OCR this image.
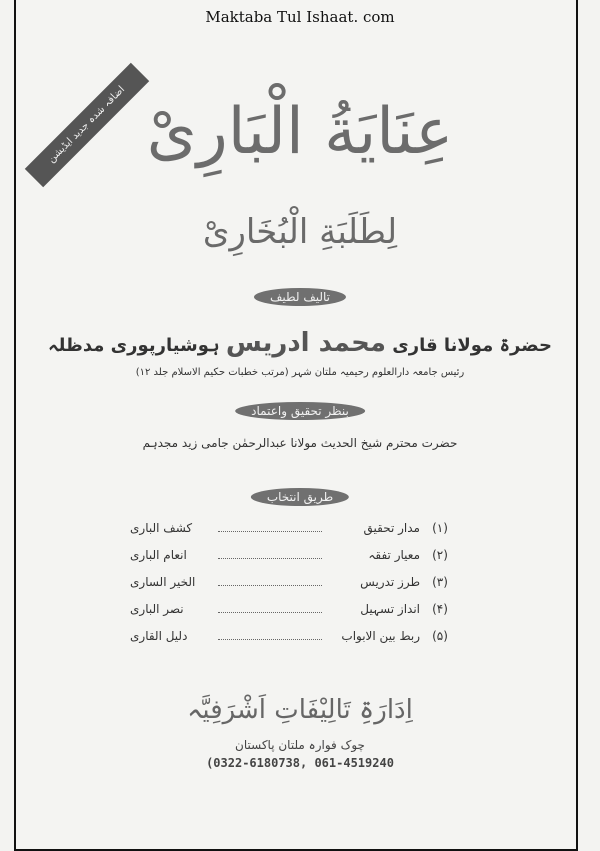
Maktaba Tul Ishaat. com
اضافہ شدہ جدید ایڈیشن عِنَايَةُ الْبَارِیْ
لِطَلَبَةِ الْبُخَارِیْ
تالیف لطیف
حضرۃ مولانا قاری محمد ادریس ہوشیارپوری مدظلہ
رئیس جامعہ دارالعلوم رحیمیہ ملتان شہر (مرتب خطبات حکیم الاسلام جلد ۱۲)
بنظر تحقیق واعتماد
حضرت محترم شیخ الحدیث مولانا عبدالرحمٰن جامی زید مجدہم
طریق انتخاب
(۱)
مدار تحقیق
کشف الباری
(۲)
معیار تفقہ
انعام الباری
(۳)
طرز تدریس
الخیر الساری
(۴)
انداز تسہیل
نصر الباری
(۵)
ربط بین الابواب
دلیل القاری
اِدَارَۃِ تَالِیْفَاتِ اَشْرَفِیَّہ
چوک فوارہ ملتان پاکستان
(0322-6180738, 061-4519240
